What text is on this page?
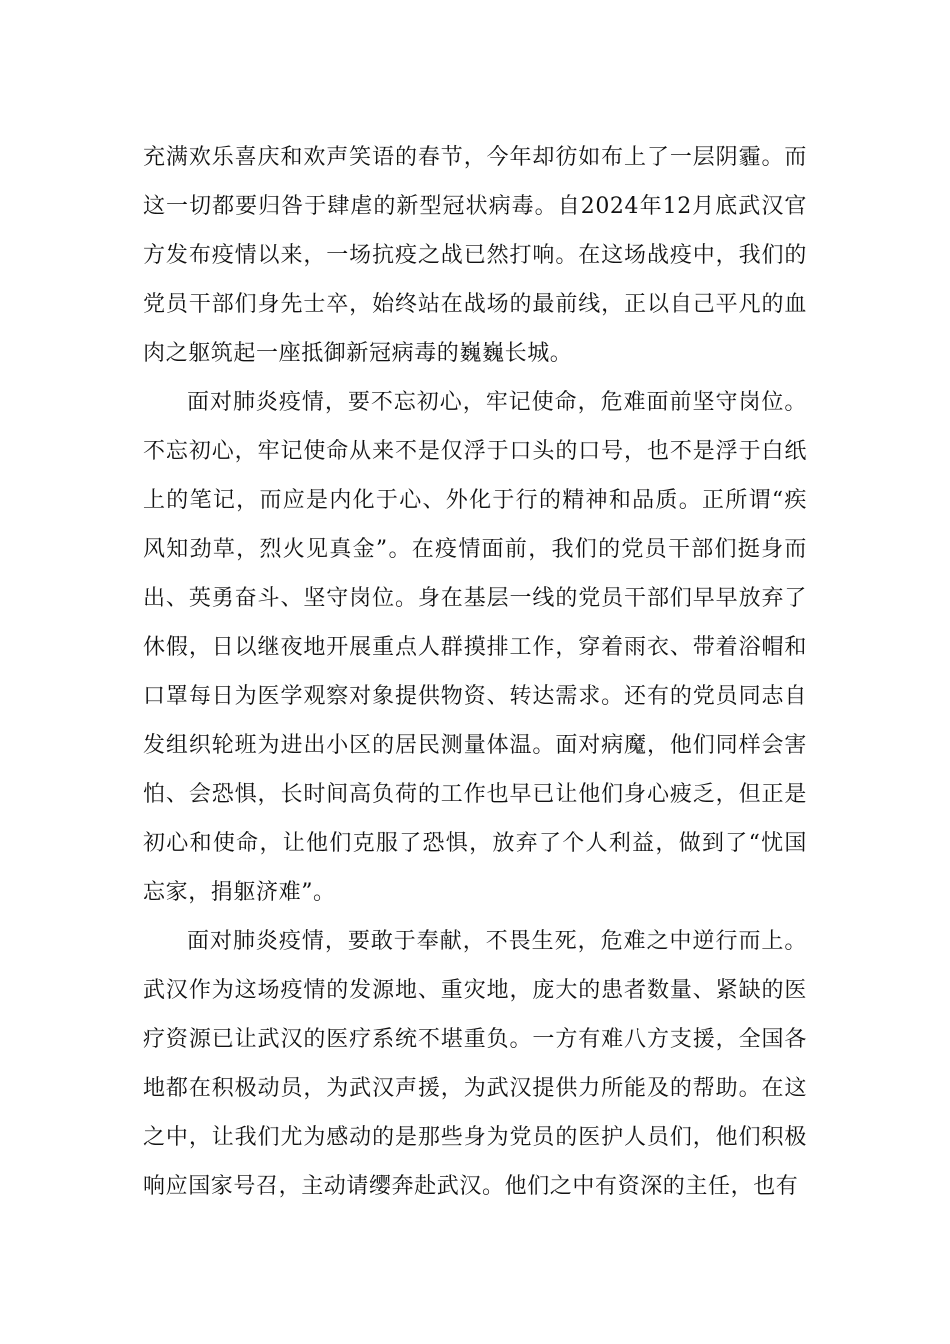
充满欢乐喜庆和欢声笑语的春节，今年却彷如布上了一层阴霾。而这一切都要归咎于肆虐的新型冠状病毒。自2024年12月底武汉官方发布疫情以来，一场抗疫之战已然打响。在这场战疫中，我们的党员干部们身先士卒，始终站在战场的最前线，正以自己平凡的血肉之躯筑起一座抵御新冠病毒的巍巍长城。

面对肺炎疫情，要不忘初心，牢记使命，危难面前坚守岗位。不忘初心，牢记使命从来不是仅浮于口头的口号，也不是浮于白纸上的笔记，而应是内化于心、外化于行的精神和品质。正所谓“疾风知劲草，烈火见真金”。在疫情面前，我们的党员干部们挺身而出、英勇奋斗、坚守岗位。身在基层一线的党员干部们早早放弃了休假，日以继夜地开展重点人群摸排工作，穿着雨衣、带着浴帽和口罩每日为医学观察对象提供物资、转达需求。还有的党员同志自发组织轮班为进出小区的居民测量体温。面对病魔，他们同样会害怕、会恐惧，长时间高负荷的工作也早已让他们身心疲乏，但正是初心和使命，让他们克服了恐惧，放弃了个人利益，做到了“忧国忘家，捐躯济难”。

面对肺炎疫情，要敢于奉献，不畏生死，危难之中逆行而上。武汉作为这场疫情的发源地、重灾地，庞大的患者数量、紧缺的医疗资源已让武汉的医疗系统不堪重负。一方有难八方支援，全国各地都在积极动员，为武汉声援，为武汉提供力所能及的帮助。在这之中，让我们尤为感动的是那些身为党员的医护人员们，他们积极响应国家号召，主动请缨奔赴武汉。他们之中有资深的主任，也有
